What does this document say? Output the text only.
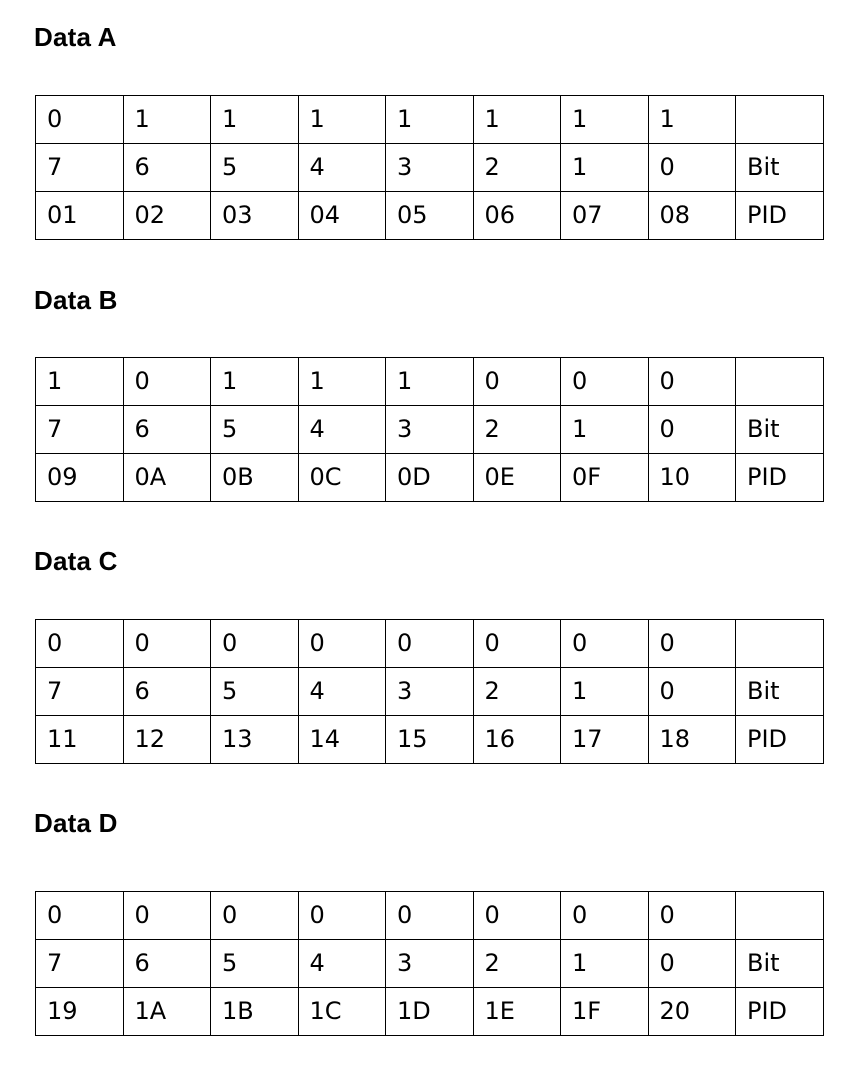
Data A
0	1	1	1	1	1	1	1	
7	6	5	4	3	2	1	0	Bit
01	02	03	04	05	06	07	08	PID
Data B
1	0	1	1	1	0	0	0	
7	6	5	4	3	2	1	0	Bit
09	0A	0B	0C	0D	0E	0F	10	PID
Data C
0	0	0	0	0	0	0	0	
7	6	5	4	3	2	1	0	Bit
11	12	13	14	15	16	17	18	PID
Data D
0	0	0	0	0	0	0	0	
7	6	5	4	3	2	1	0	Bit
19	1A	1B	1C	1D	1E	1F	20	PID
